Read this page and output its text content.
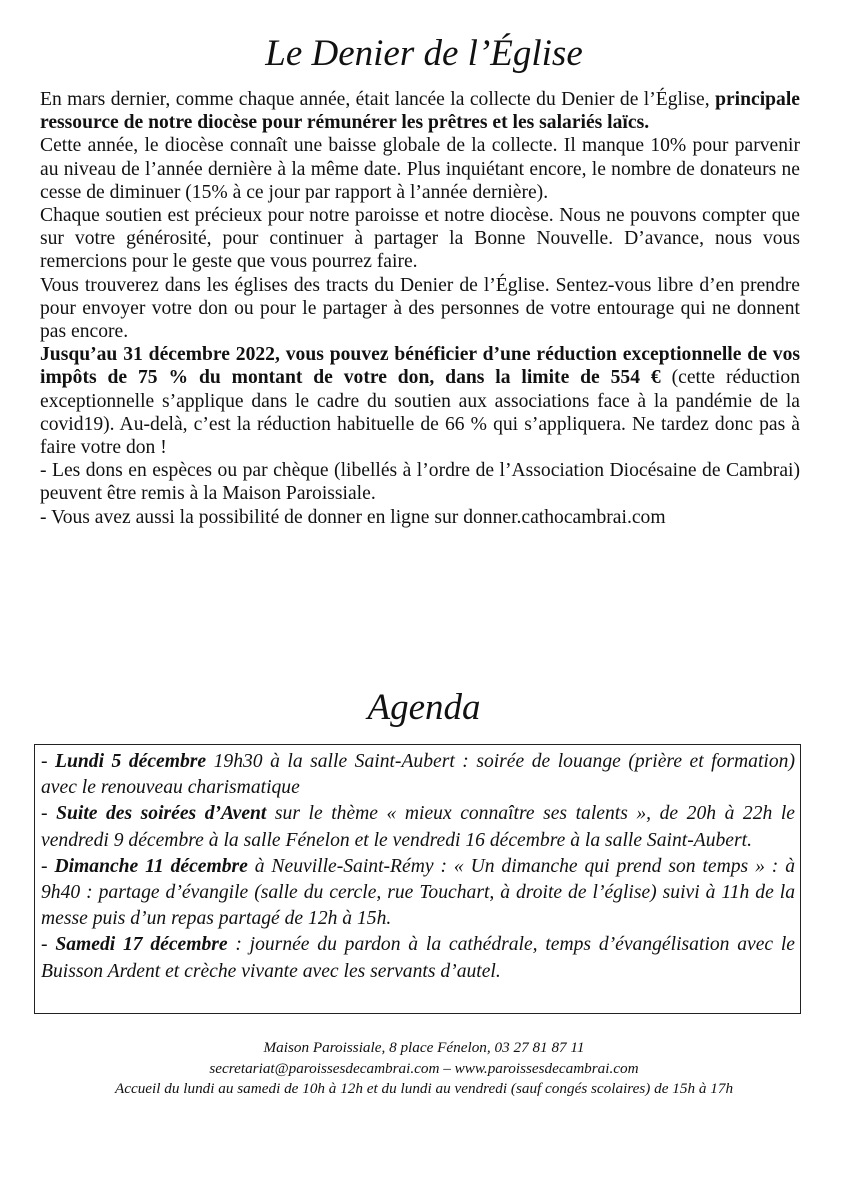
Le Denier de l’Église

En mars dernier, comme chaque année, était lancée la collecte du Denier de l’Église, principale ressource de notre diocèse pour rémunérer les prêtres et les salariés laïcs.

Cette année, le diocèse connaît une baisse globale de la collecte. Il manque 10% pour parvenir au niveau de l’année dernière à la même date. Plus inquiétant encore, le nombre de donateurs ne cesse de diminuer (15% à ce jour par rapport à l’année dernière).

Chaque soutien est précieux pour notre paroisse et notre diocèse. Nous ne pouvons compter que sur votre générosité, pour continuer à partager la Bonne Nouvelle. D’avance, nous vous remercions pour le geste que vous pourrez faire.

Vous trouverez dans les églises des tracts du Denier de l’Église. Sentez-vous libre d’en prendre pour envoyer votre don ou pour le partager à des personnes de votre entourage qui ne donnent pas encore.

Jusqu’au 31 décembre 2022, vous pouvez bénéficier d’une réduction exceptionnelle de vos impôts de 75 % du montant de votre don, dans la limite de 554 € (cette réduction exceptionnelle s’applique dans le cadre du soutien aux associations face à la pandémie de la covid19). Au-delà, c’est la réduction habituelle de 66 % qui s’appliquera. Ne tardez donc pas à faire votre don !

- Les dons en espèces ou par chèque (libellés à l’ordre de l’Association Diocésaine de Cambrai) peuvent être remis à la Maison Paroissiale.

- Vous avez aussi la possibilité de donner en ligne sur donner.cathocambrai.com

Agenda

- Lundi 5 décembre 19h30 à la salle Saint-Aubert : soirée de louange (prière et formation) avec le renouveau charismatique

- Suite des soirées d’Avent sur le thème « mieux connaître ses talents », de 20h à 22h le vendredi 9 décembre à la salle Fénelon et le vendredi 16 décembre à la salle Saint-Aubert.

- Dimanche 11 décembre à Neuville-Saint-Rémy : « Un dimanche qui prend son temps » : à 9h40 : partage d’évangile (salle du cercle, rue Touchart, à droite de l’église) suivi à 11h de la messe puis d’un repas partagé de 12h à 15h.

- Samedi 17 décembre : journée du pardon à la cathédrale, temps d’évangélisation avec le Buisson Ardent et crèche vivante avec les servants d’autel.

Maison Paroissiale, 8 place Fénelon, 03 27 81 87 11
secretariat@paroissesdecambrai.com – www.paroissesdecambrai.com
Accueil du lundi au samedi de 10h à 12h et du lundi au vendredi (sauf congés scolaires) de 15h à 17h
